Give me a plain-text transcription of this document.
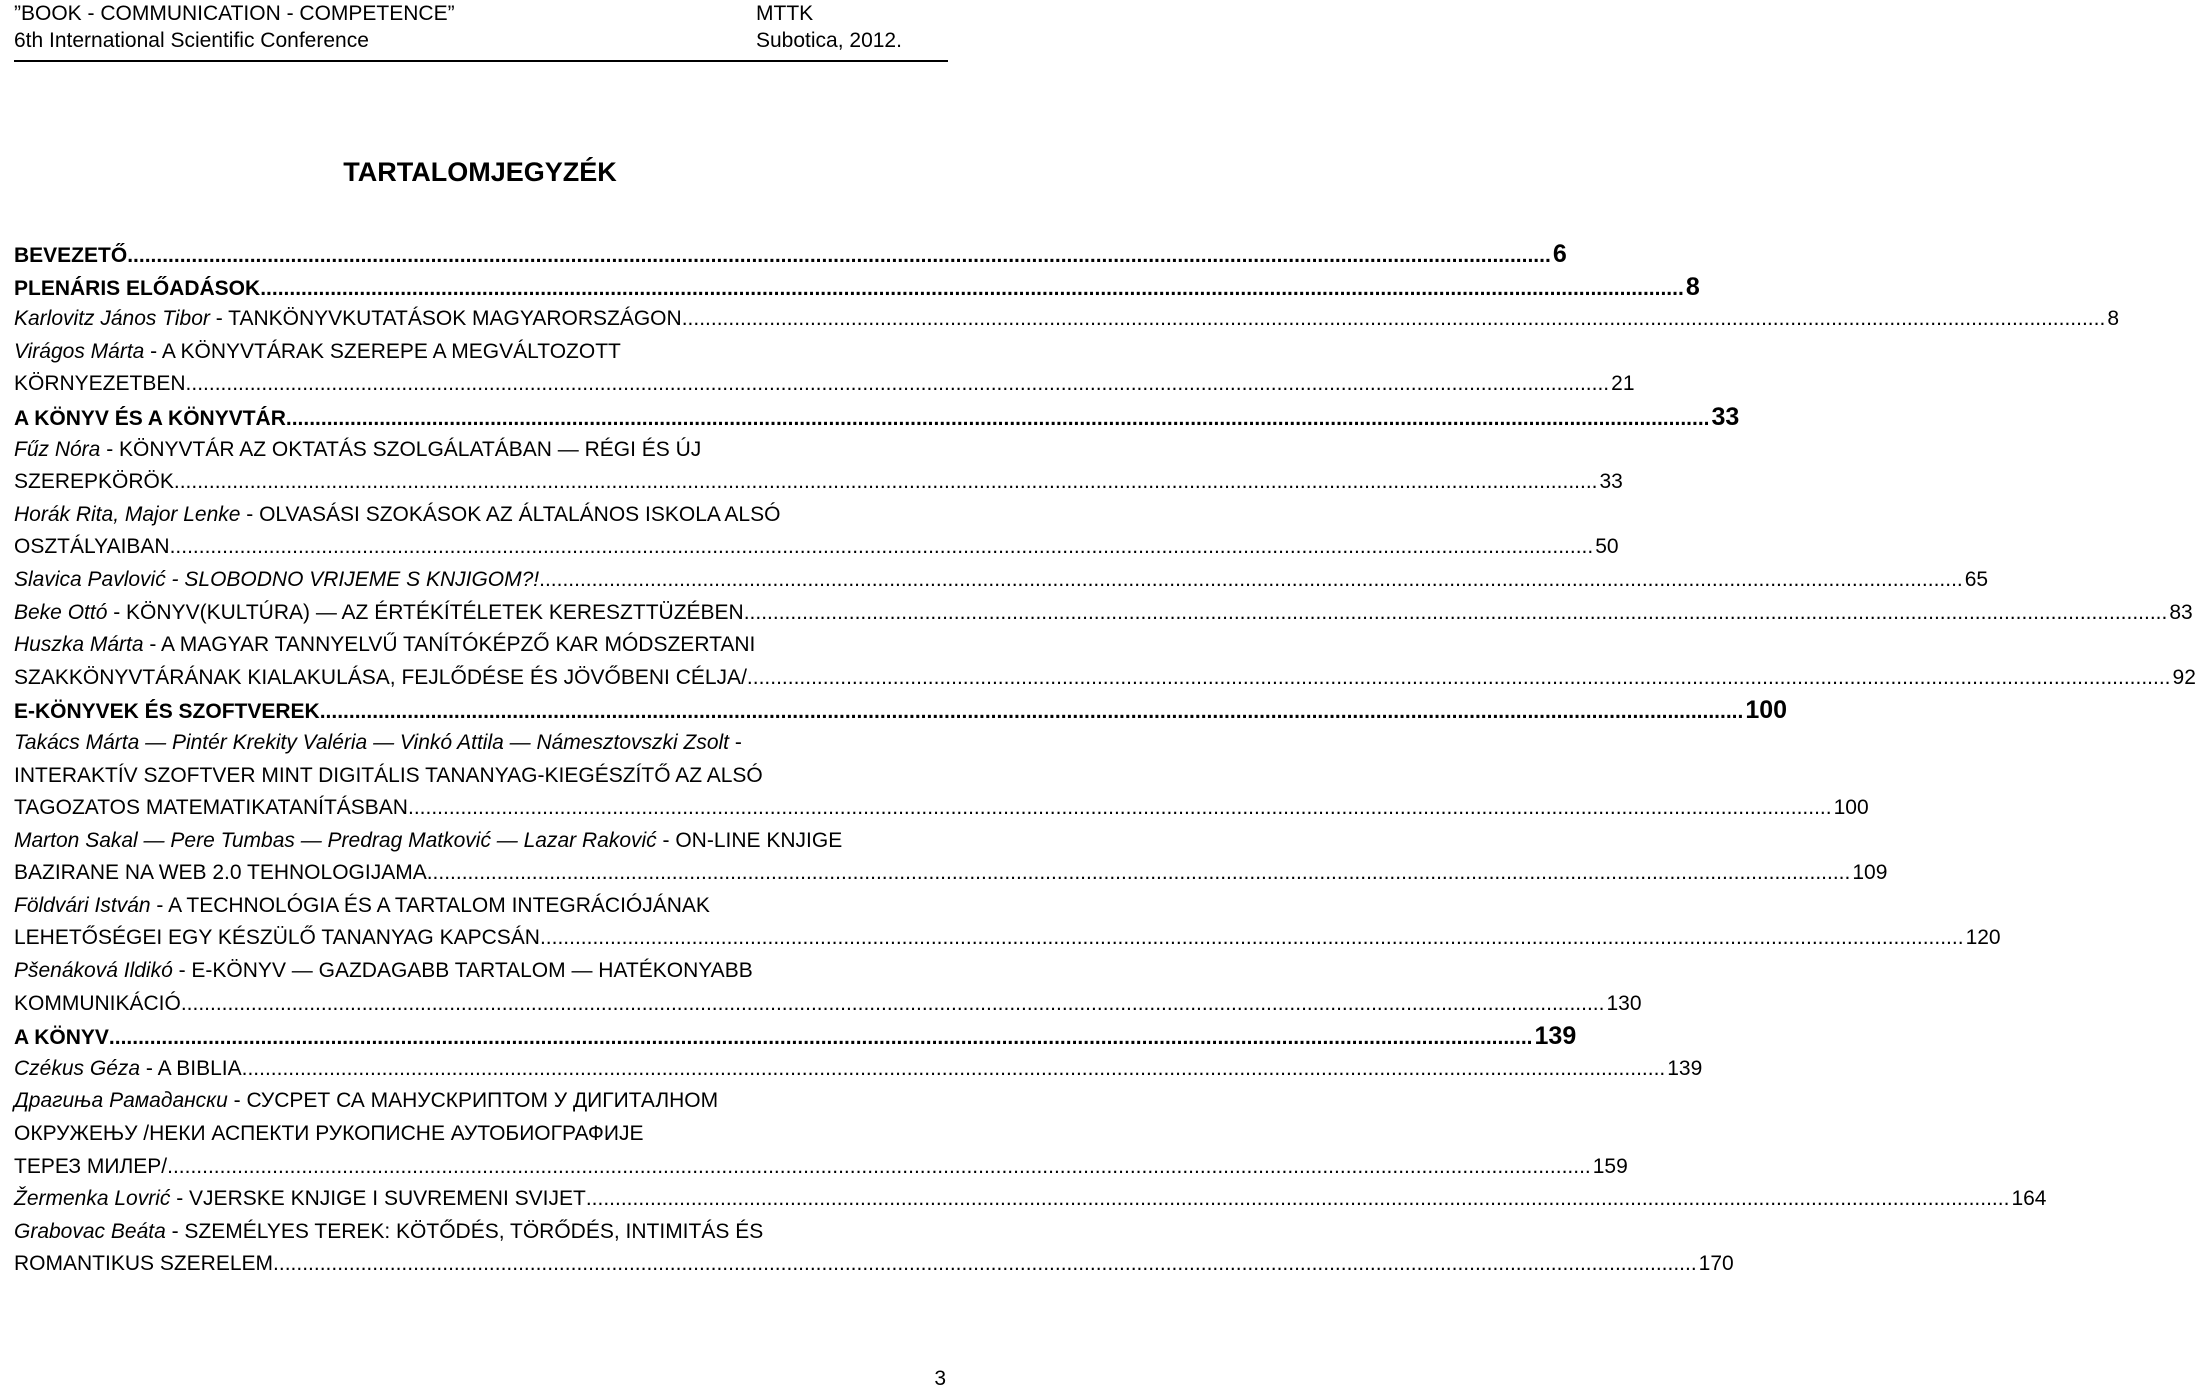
”BOOK - COMMUNICATION - COMPETENCE”	MTTK
6th International Scientific Conference	Subotica, 2012.
TARTALOMJEGYZÉK
BEVEZETŐ .....	6
PLENÁRIS ELŐADÁSOK .....	8
Karlovitz János Tibor - TANKÖNYVKUTATÁSOK MAGYARORSZÁGON .....	8
Virágos Márta - A KÖNYVTÁRAK SZEREPE A MEGVÁLTOZOTT
KÖRNYEZETBEN .....	21
A KÖNYV ÉS A KÖNYVTÁR .....	33
Fűz Nóra - KÖNYVTÁR AZ OKTATÁS SZOLGÁLATÁBAN — RÉGI ÉS ÚJ
SZEREPKÖRÖK .....	33
Horák Rita, Major Lenke - OLVASÁSI SZOKÁSOK AZ ÁLTALÁNOS ISKOLA ALSÓ
OSZTÁLYAIBAN .....	50
Slavica Pavlović - SLOBODNO VRIJEME S KNJIGOM?! .....	65
Beke Ottó - KÖNYV(KULTÚRA) — AZ ÉRTÉKÍTÉLETEK KERESZTTÜZÉBEN .....	83
Huszka Márta - A MAGYAR TANNYELVŰ TANÍTÓKÉPZŐ KAR MÓDSZERTANI
SZAKKÖNYVTÁRÁNAK KIALAKULÁSA, FEJLŐDÉSE ÉS JÖVŐBENI CÉLJA/ .....	92
E-KÖNYVEK ÉS SZOFTVEREK .....	100
Takács Márta — Pintér Krekity Valéria — Vinkó Attila — Námesztovszki Zsolt -
INTERAKTÍV SZOFTVER MINT DIGITÁLIS TANANYAG-KIEGÉSZÍTŐ AZ ALSÓ
TAGOZATOS MATEMATIKATANÍTÁSBAN .....	100
Marton Sakal — Pere Tumbas — Predrag Matković — Lazar Raković - ON-LINE KNJIGE
BAZIRANE NA WEB 2.0 TEHNOLOGIJAMA .....	109
Földvári István - A TECHNOLÓGIA ÉS A TARTALOM INTEGRÁCIÓJÁNAK
LEHETŐSÉGEI EGY KÉSZÜLŐ TANANYAG KAPCSÁN .....	120
Pšenáková Ildikó - E-KÖNYV — GAZDAGABB TARTALOM — HATÉKONYABB
KOMMUNIKÁCIÓ .....	130
A KÖNYV .....	139
Czékus Géza - A BIBLIA .....	139
Драгиња Рамадански - СУСРЕТ СА МАНУСКРИПТОМ У ДИГИТАЛНОМ
ОКРУЖЕЊУ /НЕКИ АСПЕКТИ РУКОПИСНЕ АУТОБИОГРАФИЈЕ
ТЕРЕЗ МИЛЕР/ .....	159
Žermenka Lovrić - VJERSKE KNJIGE I SUVREMENI SVIJET .....	164
Grabovac Beáta - SZEMÉLYES TEREK: KÖTŐDÉS, TÖRŐDÉS, INTIMITÁS ÉS
ROMANTIKUS SZERELEM .....	170
3
